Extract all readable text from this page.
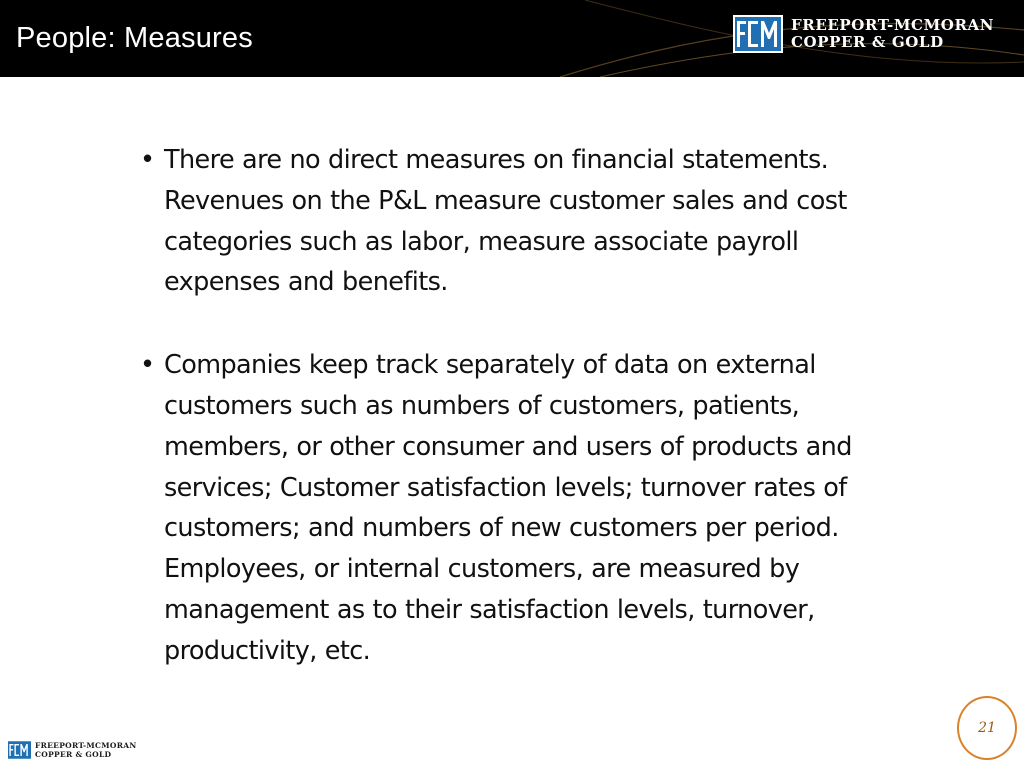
People: Measures	FREEPORT-MCMORAN
COPPER & GOLD
• There are no direct measures on financial statements. Revenues on the P&L measure customer sales and cost categories such as labor, measure associate payroll expenses and benefits.
• Companies keep track separately of data on external customers such as numbers of customers, patients, members, or other consumer and users of products and services; Customer satisfaction levels; turnover rates of customers; and numbers of new customers per period. Employees, or internal customers, are measured by management as to their satisfaction levels, turnover, productivity, etc.
FREEPORT-MCMORAN
COPPER & GOLD
21
